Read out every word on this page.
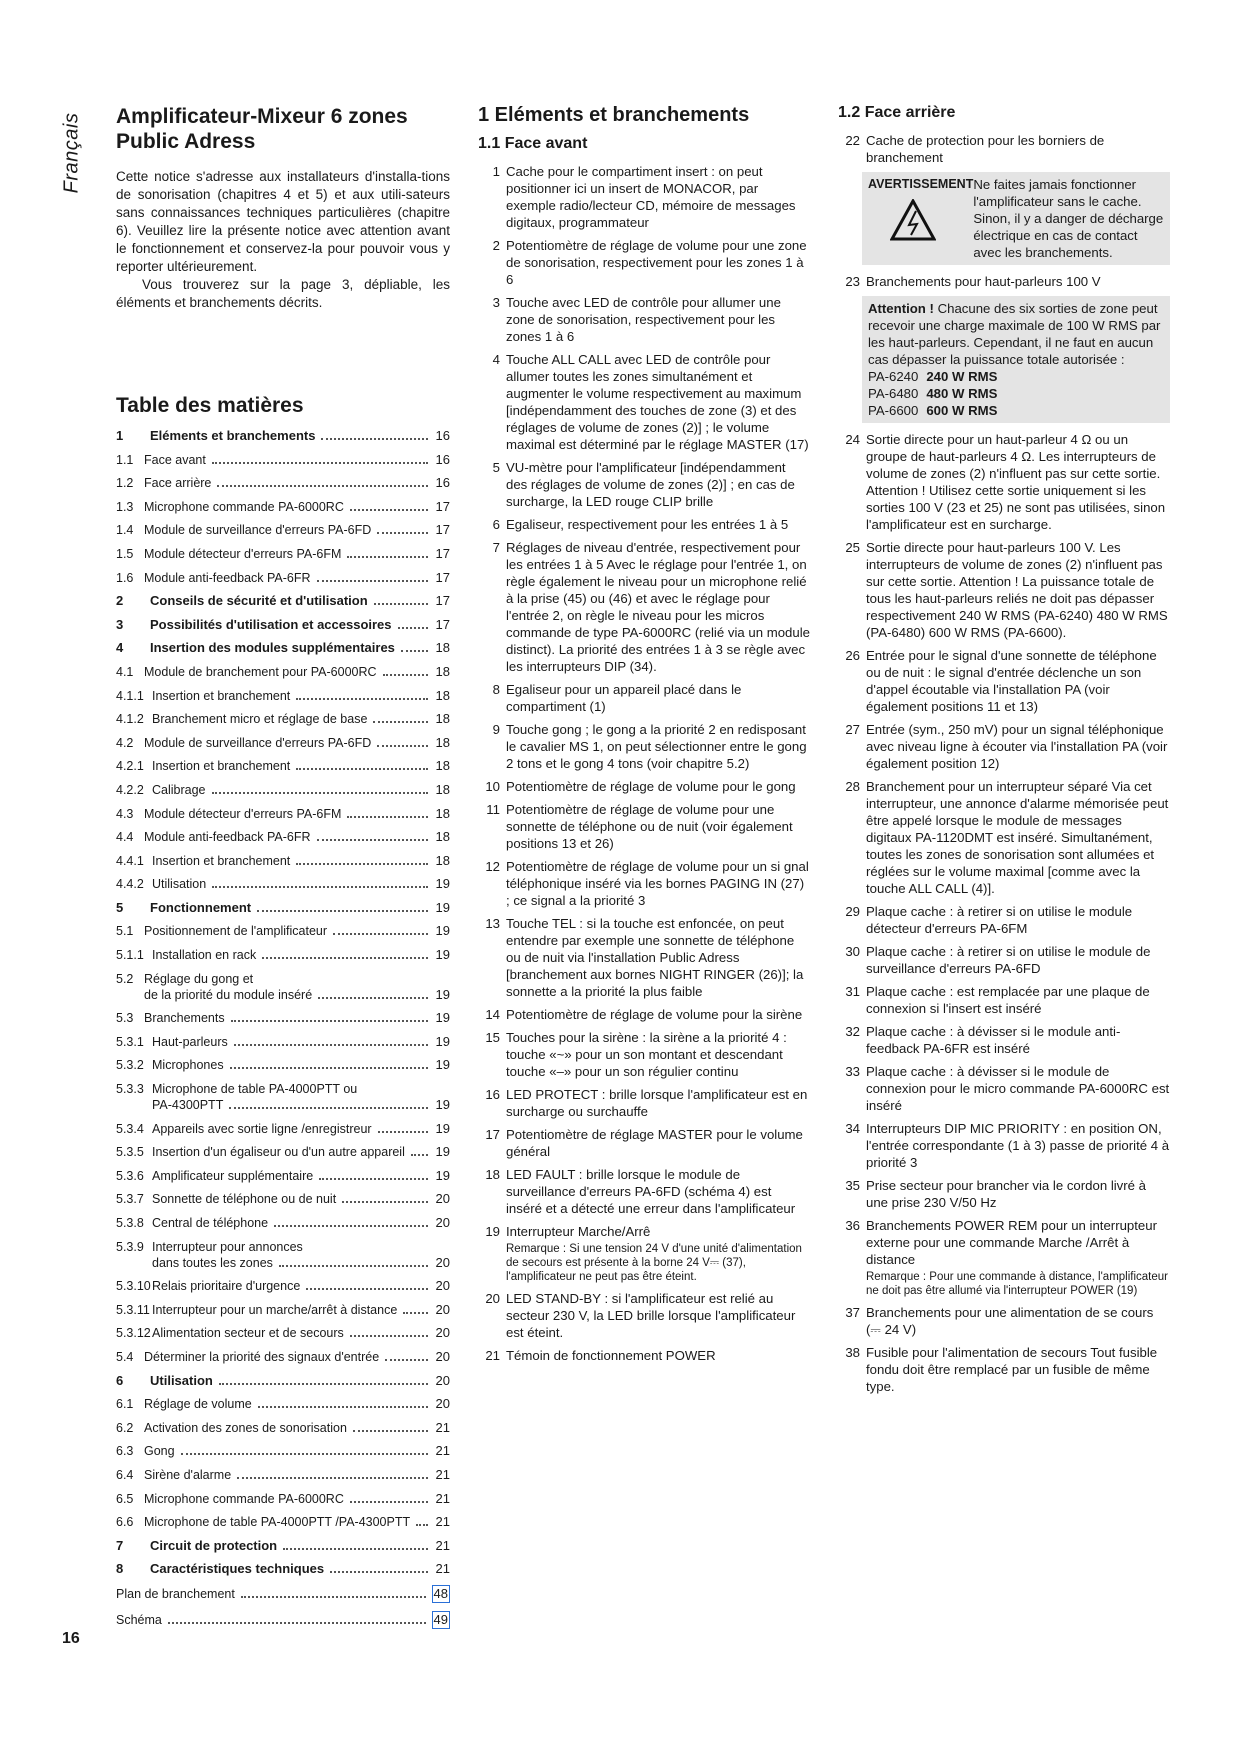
Français Amplificateur-Mixeur 6 zones Public Adress

Cette notice s'adresse aux installateurs d'installa-tions de sonorisation (chapitres 4 et 5) et aux utili-sateurs sans connaissances techniques particulières (chapitre 6). Veuillez lire la présente notice avec attention avant le fonctionnement et conservez-la pour pouvoir vous y reporter ultérieurement.

Vous trouverez sur la page 3, dépliable, les éléments et branchements décrits.

Table des matières
1	Eléments et branchements	16
1.1 Face avant	16
1.2 Face arrière	16
1.3 Microphone commande PA-6000RC	17
1.4 Module de surveillance d'erreurs PA-6FD	17
1.5 Module détecteur d'erreurs PA-6FM	17
1.6 Module anti-feedback PA-6FR	17
2	Conseils de sécurité et d'utilisation	17
3	Possibilités d'utilisation et accessoires	17
4	Insertion des modules supplémentaires	18
4.1 Module de branchement pour PA-6000RC	18
4.1.1 Insertion et branchement	18
4.1.2 Branchement micro et réglage de base	18
4.2 Module de surveillance d'erreurs PA-6FD	18
4.2.1 Insertion et branchement	18
4.2.2 Calibrage	18
4.3 Module détecteur d'erreurs PA-6FM	18
4.4 Module anti-feedback PA-6FR	18
4.4.1 Insertion et branchement	18
4.4.2 Utilisation	19
5	Fonctionnement	19
5.1 Positionnement de l'amplificateur	19
5.1.1 Installation en rack	19
5.2 Réglage du gong et
de la priorité du module inséré	19
5.3 Branchements	19
5.3.1 Haut-parleurs	19
5.3.2 Microphones	19
5.3.3 Microphone de table PA-4000PTT ou
PA-4300PTT	19
5.3.4 Appareils avec sortie ligne /enregistreur	19
5.3.5 Insertion d'un égaliseur ou d'un autre appareil 19
5.3.6 Amplificateur supplémentaire	19
5.3.7 Sonnette de téléphone ou de nuit	20
5.3.8 Central de téléphone	20
5.3.9 Interrupteur pour annonces
dans toutes les zones	20
5.3.10 Relais prioritaire d'urgence	20
5.3.11 Interrupteur pour un marche/arrêt à distance	20
5.3.12 Alimentation secteur et de secours	20
5.4 Déterminer la priorité des signaux d'entrée	20
6	Utilisation	20
6.1 Réglage de volume	20
6.2 Activation des zones de sonorisation	21
6.3 Gong	21
6.4 Sirène d'alarme	21
6.5 Microphone commande PA-6000RC	21
6.6 Microphone de table PA-4000PTT /PA-4300PTT 21
7	Circuit de protection	21
8	Caractéristiques techniques	21
Plan de branchement	48
Schéma	49
1 Eléments et branchements
1.1 Face avant
1 Cache pour le compartiment insert : on peut positionner ici un insert de MONACOR, par exemple radio/lecteur CD, mémoire de messages digitaux, programmateur
2 Potentiomètre de réglage de volume pour une zone de sonorisation, respectivement pour les zones 1 à 6
3 Touche avec LED de contrôle pour allumer une zone de sonorisation, respectivement pour les zones 1 à 6
4 Touche ALL CALL avec LED de contrôle pour allumer toutes les zones simultanément et augmenter le volume respectivement au maximum [indépendamment des touches de zone (3) et des réglages de volume de zones (2)] ; le volume maximal est déterminé par le réglage MASTER (17)
5 VU-mètre pour l'amplificateur [indépendamment des réglages de volume de zones (2)] ; en cas de surcharge, la LED rouge CLIP brille
6 Egaliseur, respectivement pour les entrées 1 à 5
7 Réglages de niveau d'entrée, respectivement pour les entrées 1 à 5 Avec le réglage pour l'entrée 1, on règle également le niveau pour un microphone relié à la prise (45) ou (46) et avec le réglage pour l'entrée 2, on règle le niveau pour les micros commande de type PA-6000RC (relié via un module distinct). La priorité des entrées 1 à 3 se règle avec les interrupteurs DIP (34).
8 Egaliseur pour un appareil placé dans le compartiment (1)
9 Touche gong ; le gong a la priorité 2 en redisposant le cavalier MS 1, on peut sélectionner entre le gong 2 tons et le gong 4 tons (voir chapitre 5.2)
10 Potentiomètre de réglage de volume pour le gong
11 Potentiomètre de réglage de volume pour une sonnette de téléphone ou de nuit (voir également positions 13 et 26)
12 Potentiomètre de réglage de volume pour un si gnal téléphonique inséré via les bornes PAGING IN (27) ; ce signal a la priorité 3
13 Touche TEL : si la touche est enfoncée, on peut entendre par exemple une sonnette de téléphone ou de nuit via l'installation Public Adress [branchement aux bornes NIGHT RINGER (26)]; la sonnette a la priorité la plus faible
14 Potentiomètre de réglage de volume pour la sirène
15 Touches pour la sirène : la sirène a la priorité 4 : touche «~» pour un son montant et descendant touche «–» pour un son régulier continu
16 LED PROTECT : brille lorsque l'amplificateur est en surcharge ou surchauffe
17 Potentiomètre de réglage MASTER pour le volume général
18 LED FAULT : brille lorsque le module de surveillance d'erreurs PA-6FD (schéma 4) est inséré et a détecté une erreur dans l'amplificateur
19 Interrupteur Marche/Arrê
Remarque : Si une tension 24 V d'une unité d'alimentation de secours est présente à la borne 24 V⎓ (37), l'amplificateur ne peut pas être éteint.
20 LED STAND-BY : si l'amplificateur est relié au secteur 230 V, la LED brille lorsque l'amplificateur est éteint.
21 Témoin de fonctionnement POWER
1.2 Face arrière
22 Cache de protection pour les borniers de branchement
AVERTISSEMENT Ne faites jamais fonctionner l'amplificateur sans le cache. Sinon, il y a danger de décharge électrique en cas de contact avec les branchements.
23 Branchements pour haut-parleurs 100 V
Attention ! Chacune des six sorties de zone peut recevoir une charge maximale de 100 W RMS par les haut-parleurs. Cependant, il ne faut en aucun cas dépasser la puissance totale autorisée :
PA-6240 240 W RMS
PA-6480 480 W RMS
PA-6600 600 W RMS
24 Sortie directe pour un haut-parleur 4 Ω ou un groupe de haut-parleurs 4 Ω. Les interrupteurs de volume de zones (2) n'influent pas sur cette sortie. Attention ! Utilisez cette sortie uniquement si les sorties 100 V (23 et 25) ne sont pas utilisées, sinon l'amplificateur est en surcharge.
25 Sortie directe pour haut-parleurs 100 V. Les interrupteurs de volume de zones (2) n'influent pas sur cette sortie. Attention ! La puissance totale de tous les haut-parleurs reliés ne doit pas dépasser respectivement 240 W RMS (PA-6240) 480 W RMS (PA-6480) 600 W RMS (PA-6600).
26 Entrée pour le signal d'une sonnette de téléphone ou de nuit : le signal d'entrée déclenche un son d'appel écoutable via l'installation PA (voir également positions 11 et 13)
27 Entrée (sym., 250 mV) pour un signal téléphonique avec niveau ligne à écouter via l'installation PA (voir également position 12)
28 Branchement pour un interrupteur séparé Via cet interrupteur, une annonce d'alarme mémorisée peut être appelé lorsque le module de messages digitaux PA-1120DMT est inséré. Simultanément, toutes les zones de sonorisation sont allumées et réglées sur le volume maximal [comme avec la touche ALL CALL (4)].
29 Plaque cache : à retirer si on utilise le module détecteur d'erreurs PA-6FM
30 Plaque cache : à retirer si on utilise le module de surveillance d'erreurs PA-6FD
31 Plaque cache : est remplacée par une plaque de connexion si l'insert est inséré
32 Plaque cache : à dévisser si le module anti-feedback PA-6FR est inséré
33 Plaque cache : à dévisser si le module de connexion pour le micro commande PA-6000RC est inséré
34 Interrupteurs DIP MIC PRIORITY : en position ON, l'entrée correspondante (1 à 3) passe de priorité 4 à priorité 3
35 Prise secteur pour brancher via le cordon livré à une prise 230 V/50 Hz
36 Branchements POWER REM pour un interrupteur externe pour une commande Marche /Arrêt à distance
Remarque : Pour une commande à distance, l'amplificateur ne doit pas être allumé via l'interrupteur POWER (19)
37 Branchements pour une alimentation de se cours (⎓ 24 V)
38 Fusible pour l'alimentation de secours Tout fusible fondu doit être remplacé par un fusible de même type.
16
